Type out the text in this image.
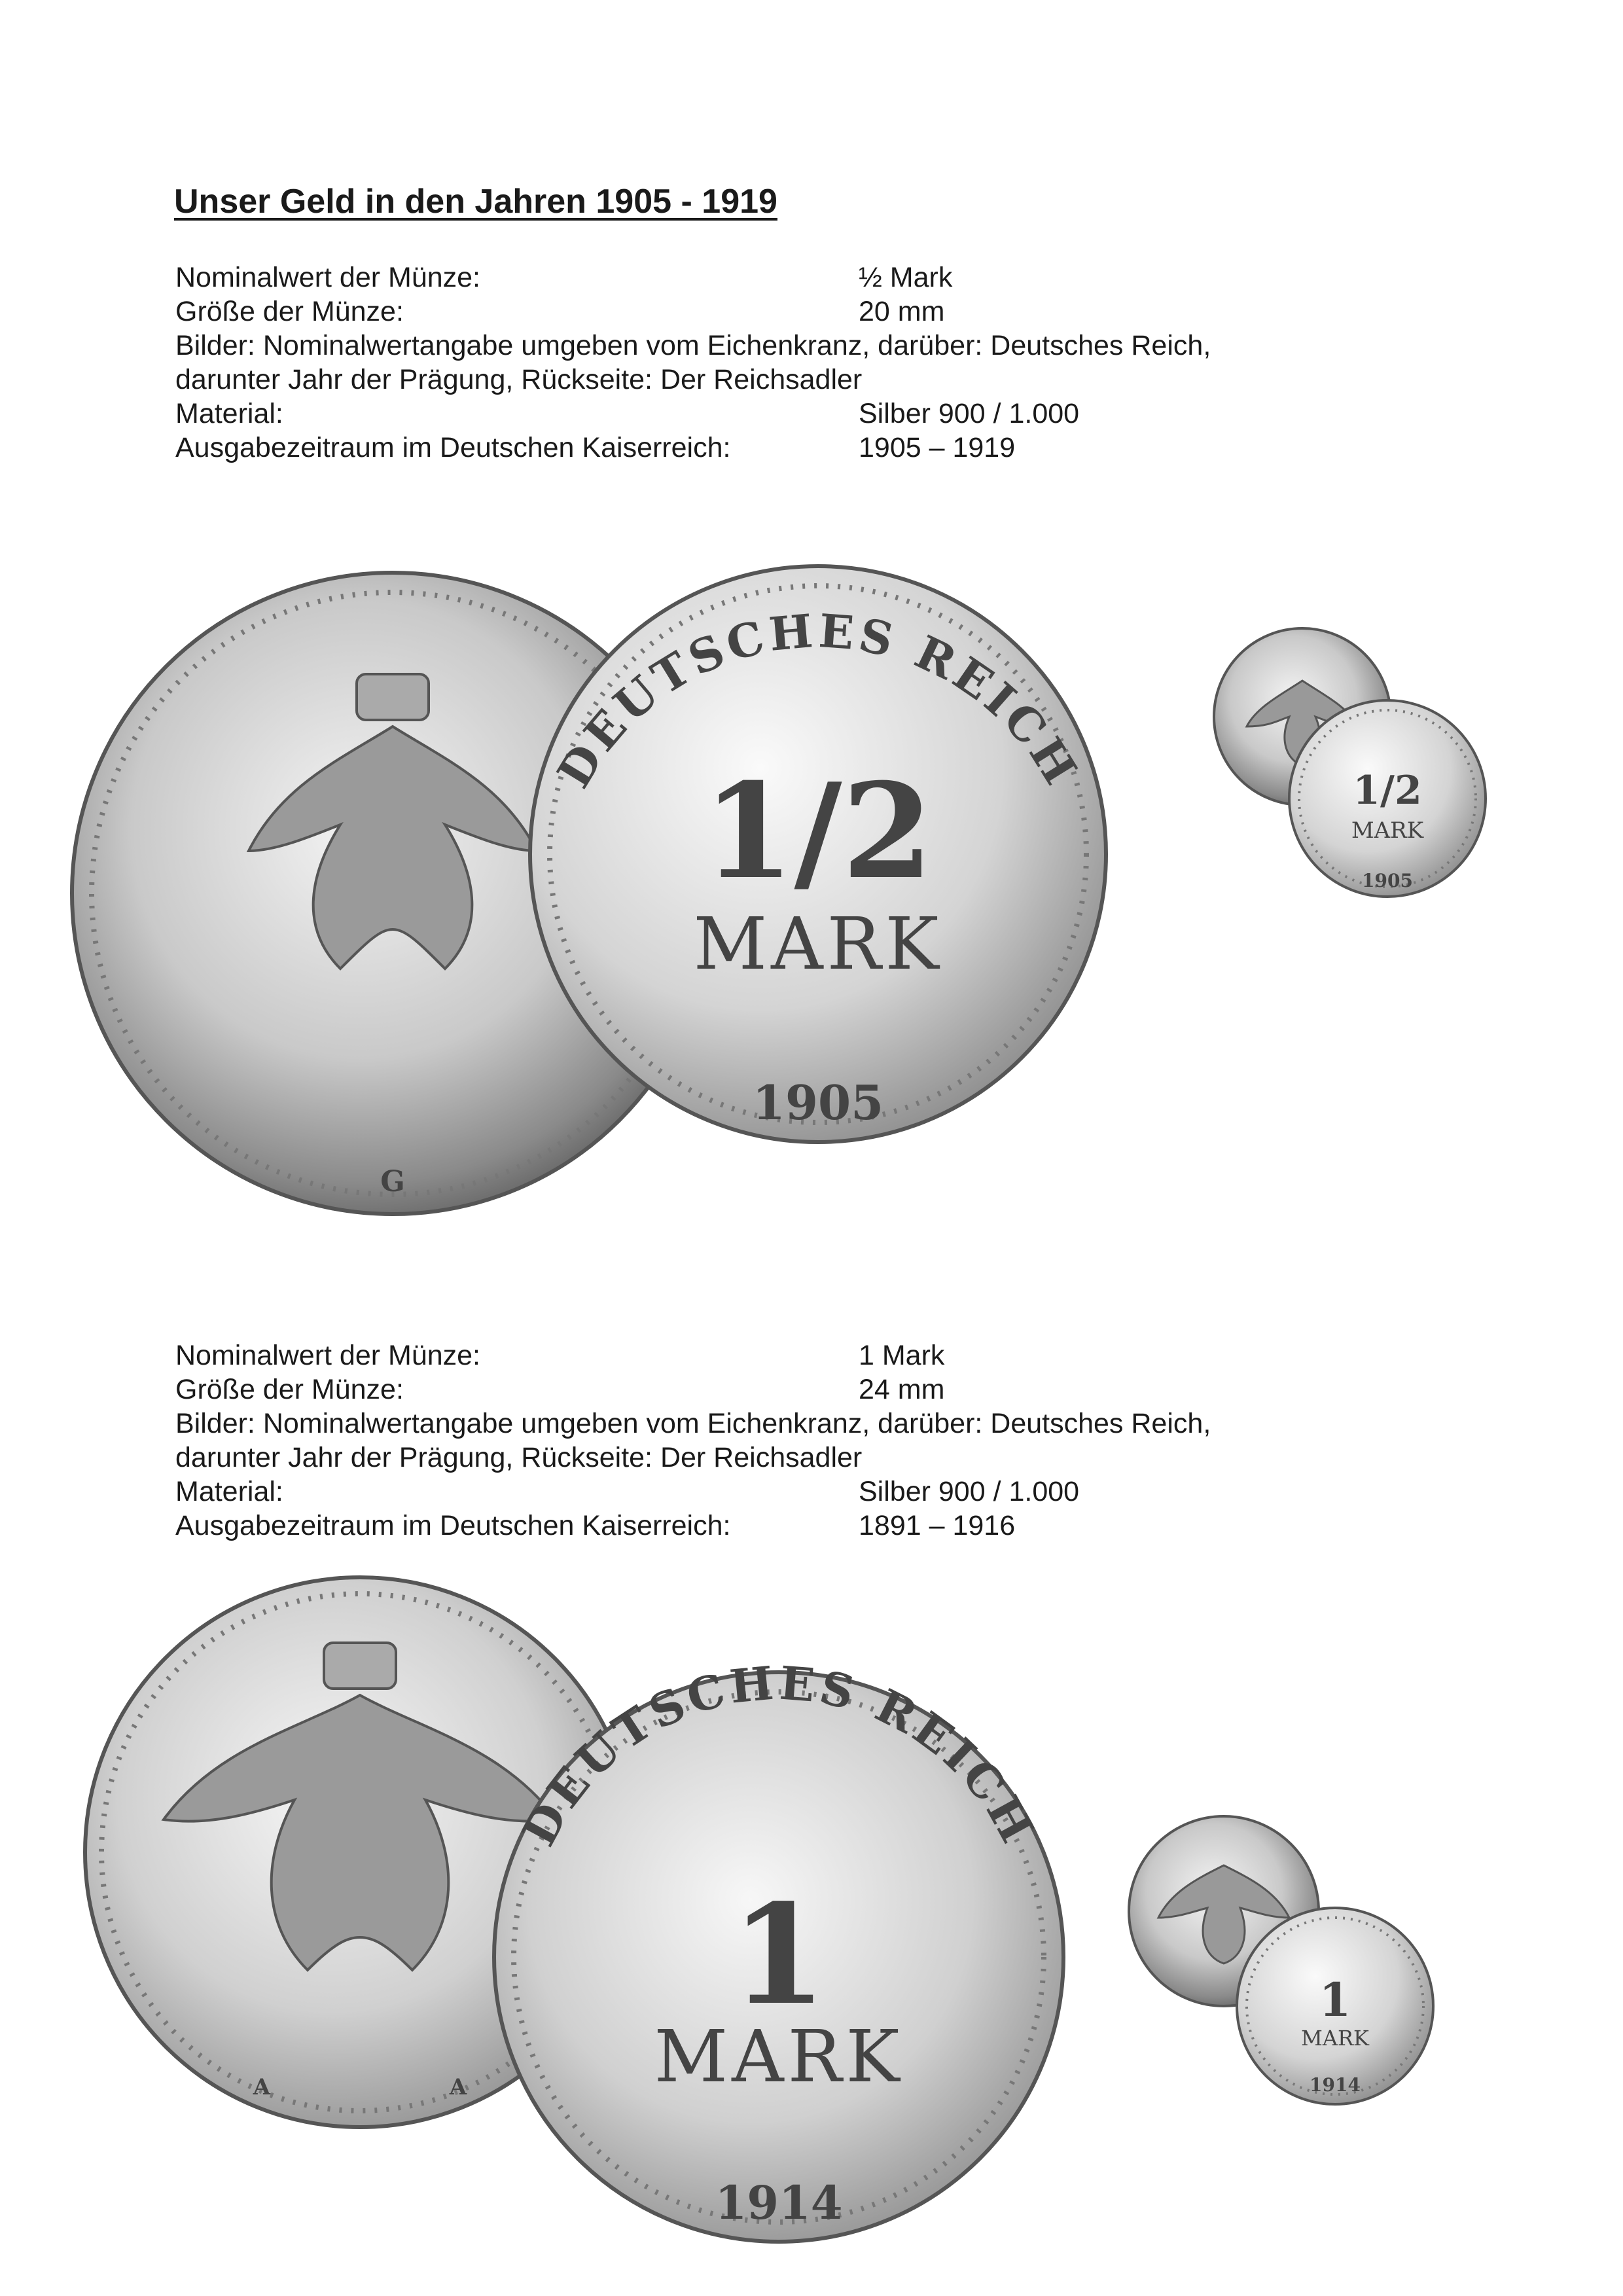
Unser Geld in den Jahren 1905 - 1919
Nominalwert der Münze:	½ Mark
Größe der Münze:	20 mm
Bilder: Nominalwertangabe umgeben vom Eichenkranz, darüber: Deutsches Reich,
darunter Jahr der Prägung, Rückseite: Der Reichsadler
Material:	Silber 900 / 1.000
Ausgabezeitraum im Deutschen Kaiserreich:	1905 – 1919
G
DEUTSCHES REICH
1/2
MARK
1905
1/2
MARK
1905
Nominalwert der Münze:	1 Mark
Größe der Münze:	24 mm
Bilder: Nominalwertangabe umgeben vom Eichenkranz, darüber: Deutsches Reich,
darunter Jahr der Prägung, Rückseite: Der Reichsadler
Material:	Silber 900 / 1.000
Ausgabezeitraum im Deutschen Kaiserreich:	1891 – 1916
A	A
DEUTSCHES REICH
1
MARK
1914
1
MARK
1914
